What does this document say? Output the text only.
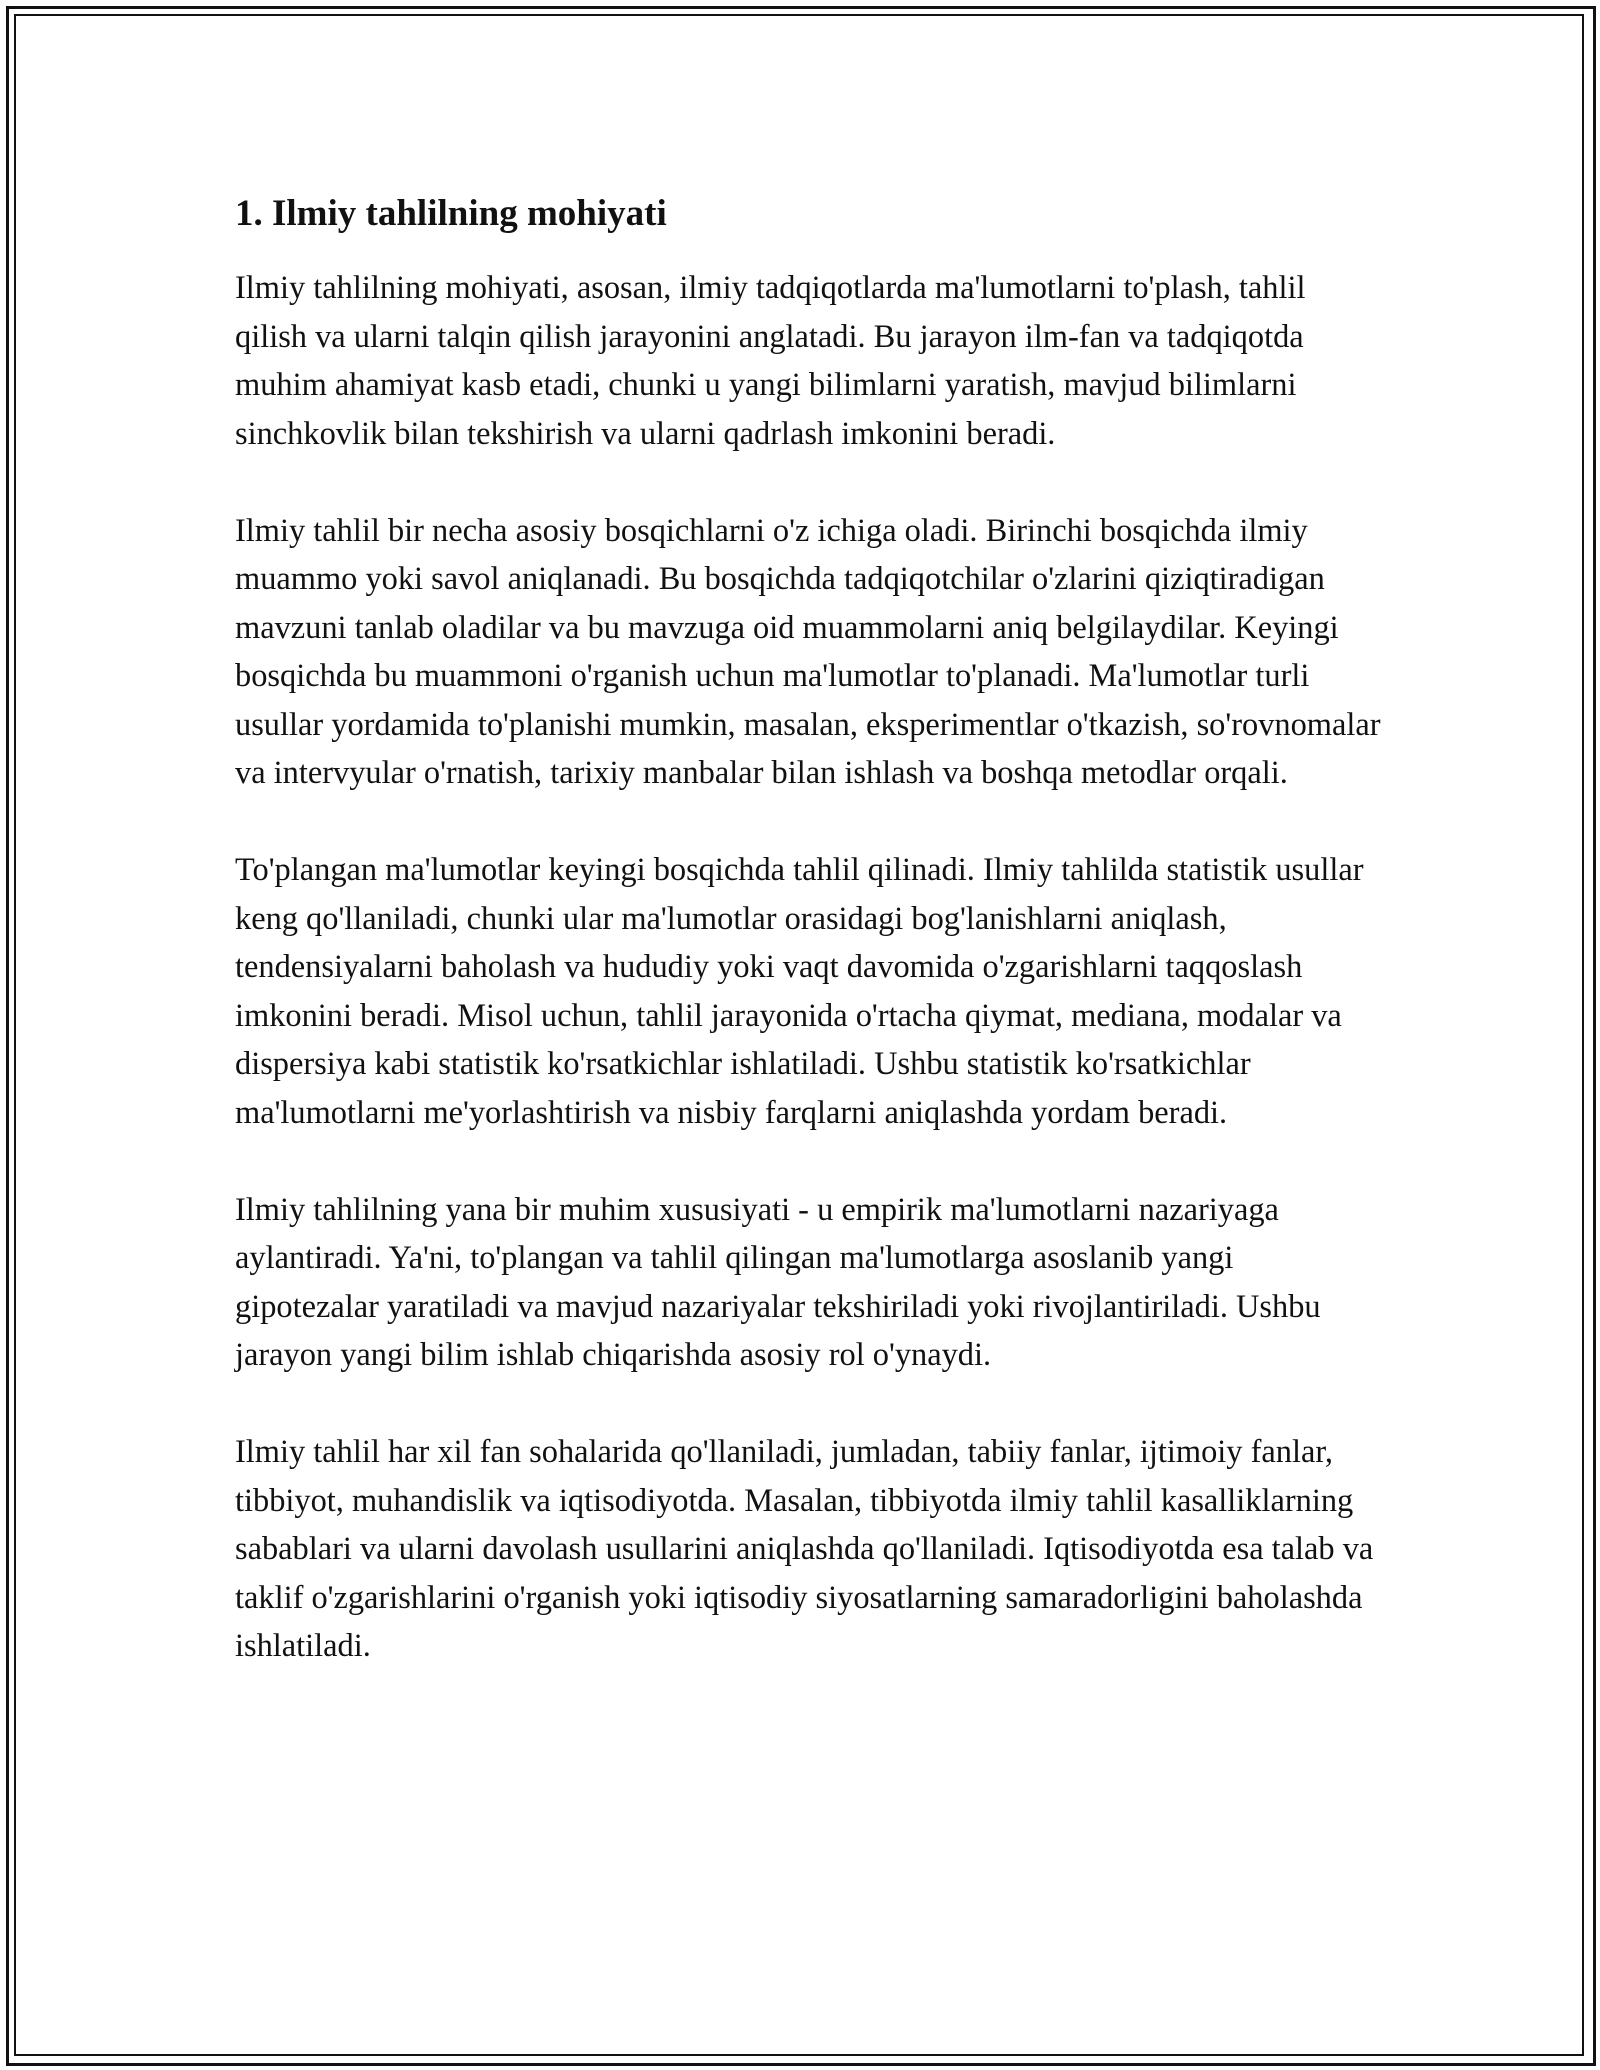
1. Ilmiy tahlilning mohiyati

Ilmiy tahlilning mohiyati, asosan, ilmiy tadqiqotlarda ma'lumotlarni to'plash, tahlil qilish va ularni talqin qilish jarayonini anglatadi. Bu jarayon ilm-fan va tadqiqotda muhim ahamiyat kasb etadi, chunki u yangi bilimlarni yaratish, mavjud bilimlarni sinchkovlik bilan tekshirish va ularni qadrlash imkonini beradi.

Ilmiy tahlil bir necha asosiy bosqichlarni o'z ichiga oladi. Birinchi bosqichda ilmiy muammo yoki savol aniqlanadi. Bu bosqichda tadqiqotchilar o'zlarini qiziqtiradigan mavzuni tanlab oladilar va bu mavzuga oid muammolarni aniq belgilaydilar. Keyingi bosqichda bu muammoni o'rganish uchun ma'lumotlar to'planadi. Ma'lumotlar turli usullar yordamida to'planishi mumkin, masalan, eksperimentlar o'tkazish, so'rovnomalar va intervyular o'rnatish, tarixiy manbalar bilan ishlash va boshqa metodlar orqali.

To'plangan ma'lumotlar keyingi bosqichda tahlil qilinadi. Ilmiy tahlilda statistik usullar keng qo'llaniladi, chunki ular ma'lumotlar orasidagi bog'lanishlarni aniqlash, tendensiyalarni baholash va hududiy yoki vaqt davomida o'zgarishlarni taqqoslash imkonini beradi. Misol uchun, tahlil jarayonida o'rtacha qiymat, mediana, modalar va dispersiya kabi statistik ko'rsatkichlar ishlatiladi. Ushbu statistik ko'rsatkichlar ma'lumotlarni me'yorlashtirish va nisbiy farqlarni aniqlashda yordam beradi.

Ilmiy tahlilning yana bir muhim xususiyati - u empirik ma'lumotlarni nazariyaga aylantiradi. Ya'ni, to'plangan va tahlil qilingan ma'lumotlarga asoslanib yangi gipotezalar yaratiladi va mavjud nazariyalar tekshiriladi yoki rivojlantiriladi. Ushbu jarayon yangi bilim ishlab chiqarishda asosiy rol o'ynaydi.

Ilmiy tahlil har xil fan sohalarida qo'llaniladi, jumladan, tabiiy fanlar, ijtimoiy fanlar, tibbiyot, muhandislik va iqtisodiyotda. Masalan, tibbiyotda ilmiy tahlil kasalliklarning sabablari va ularni davolash usullarini aniqlashda qo'llaniladi. Iqtisodiyotda esa talab va taklif o'zgarishlarini o'rganish yoki iqtisodiy siyosatlarning samaradorligini baholashda ishlatiladi.
